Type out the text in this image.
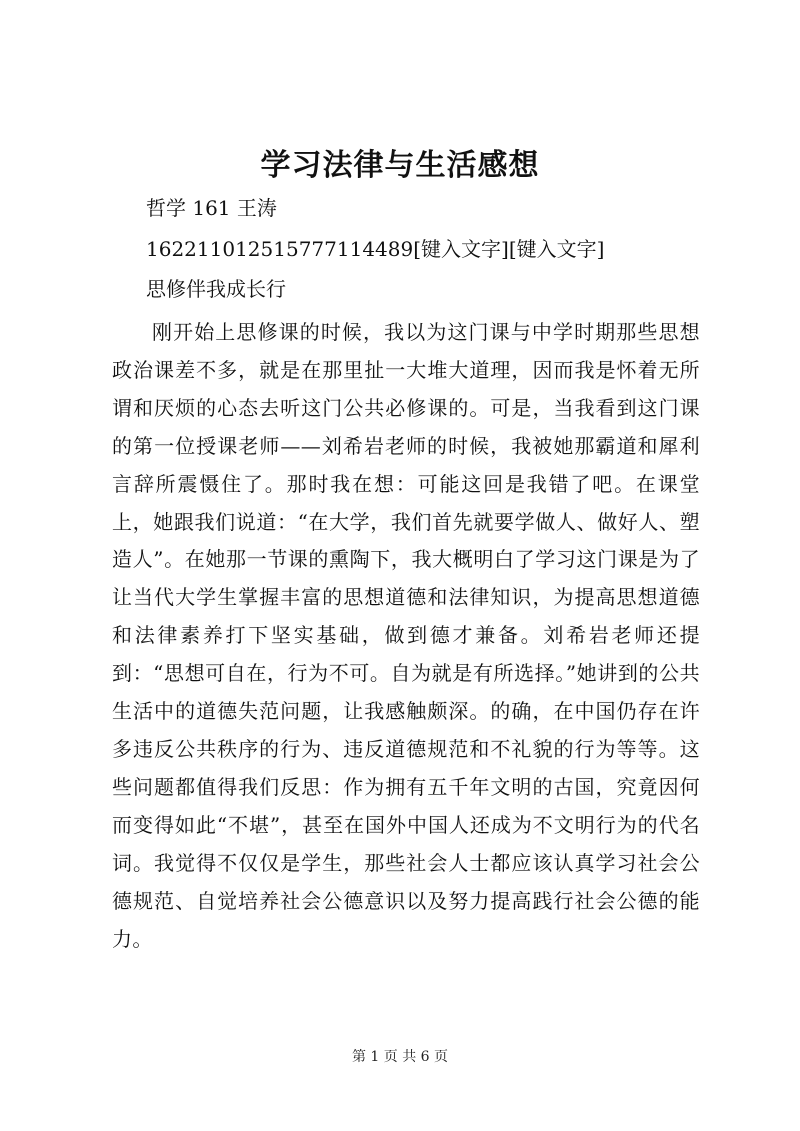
学习法律与生活感想
哲学 161 王涛
162211012515777114489[键入文字][键入文字]
思修伴我成长行

刚开始上思修课的时候，我以为这门课与中学时期那些思想政治课差不多，就是在那里扯一大堆大道理，因而我是怀着无所谓和厌烦的心态去听这门公共必修课的。可是，当我看到这门课的第一位授课老师——刘希岩老师的时候，我被她那霸道和犀利言辞所震慑住了。那时我在想：可能这回是我错了吧。在课堂上，她跟我们说道：“在大学，我们首先就要学做人、做好人、塑造人”。在她那一节课的熏陶下，我大概明白了学习这门课是为了让当代大学生掌握丰富的思想道德和法律知识，为提高思想道德和法律素养打下坚实基础，做到德才兼备。刘希岩老师还提到：“思想可自在，行为不可。自为就是有所选择。”她讲到的公共生活中的道德失范问题，让我感触颇深。的确，在中国仍存在许多违反公共秩序的行为、违反道德规范和不礼貌的行为等等。这些问题都值得我们反思：作为拥有五千年文明的古国，究竟因何而变得如此“不堪”，甚至在国外中国人还成为不文明行为的代名词。我觉得不仅仅是学生，那些社会人士都应该认真学习社会公德规范、自觉培养社会公德意识以及努力提高践行社会公德的能力。

第 1 页 共 6 页
